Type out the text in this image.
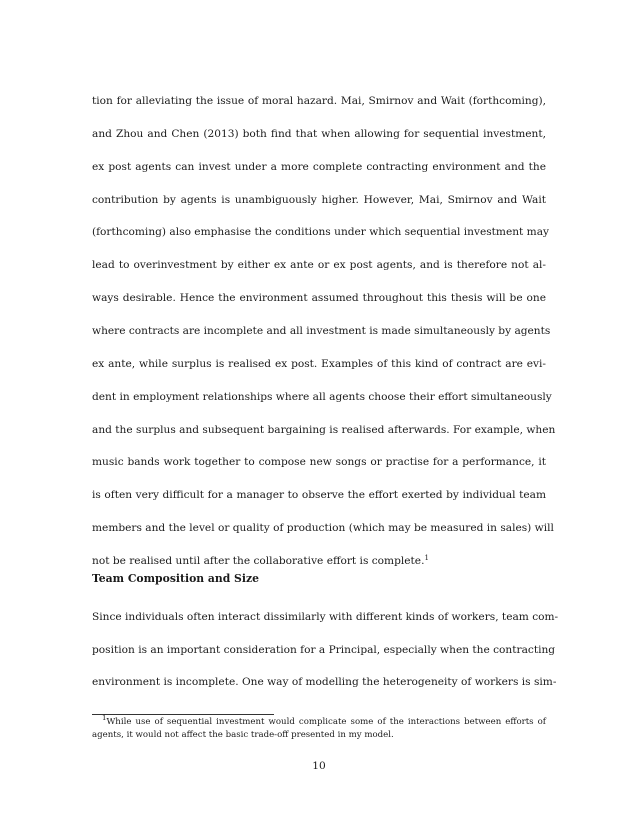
tion for alleviating the issue of moral hazard. Mai, Smirnov and Wait (forthcoming),
and Zhou and Chen (2013) both find that when allowing for sequential investment,
ex post agents can invest under a more complete contracting environment and the
contribution by agents is unambiguously higher. However, Mai, Smirnov and Wait
(forthcoming) also emphasise the conditions under which sequential investment may
lead to overinvestment by either ex ante or ex post agents, and is therefore not al-
ways desirable. Hence the environment assumed throughout this thesis will be one
where contracts are incomplete and all investment is made simultaneously by agents
ex ante, while surplus is realised ex post. Examples of this kind of contract are evi-
dent in employment relationships where all agents choose their effort simultaneously
and the surplus and subsequent bargaining is realised afterwards. For example, when
music bands work together to compose new songs or practise for a performance, it
is often very difficult for a manager to observe the effort exerted by individual team
members and the level or quality of production (which may be measured in sales) will
not be realised until after the collaborative effort is complete.$^1$
Team Composition and Size
Since individuals often interact dissimilarly with different kinds of workers, team com-
position is an important consideration for a Principal, especially when the contracting
environment is incomplete. One way of modelling the heterogeneity of workers is sim-
$^1$While use of sequential investment would complicate some of the interactions between efforts of
agents, it would not affect the basic trade-off presented in my model.
10
